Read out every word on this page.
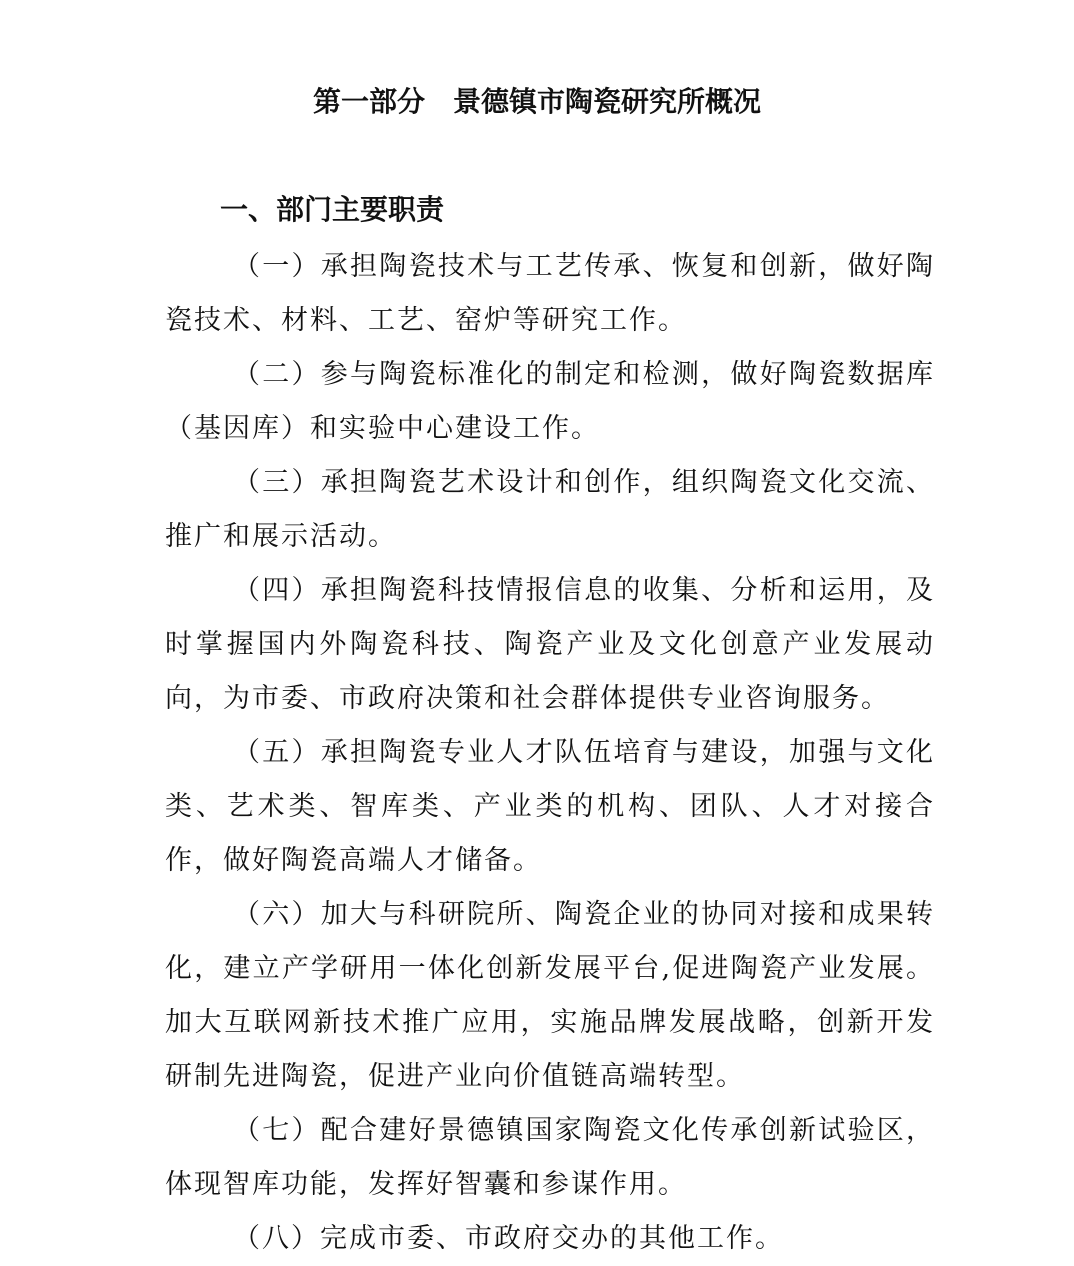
第一部分　景德镇市陶瓷研究所概况
一、部门主要职责

（一）承担陶瓷技术与工艺传承、恢复和创新，做好陶瓷技术、材料、工艺、窑炉等研究工作。

（二）参与陶瓷标准化的制定和检测，做好陶瓷数据库（基因库）和实验中心建设工作。

（三）承担陶瓷艺术设计和创作，组织陶瓷文化交流、推广和展示活动。

（四）承担陶瓷科技情报信息的收集、分析和运用，及时掌握国内外陶瓷科技、陶瓷产业及文化创意产业发展动向，为市委、市政府决策和社会群体提供专业咨询服务。

（五）承担陶瓷专业人才队伍培育与建设，加强与文化类、艺术类、智库类、产业类的机构、团队、人才对接合作，做好陶瓷高端人才储备。

（六）加大与科研院所、陶瓷企业的协同对接和成果转化，建立产学研用一体化创新发展平台,促进陶瓷产业发展。加大互联网新技术推广应用，实施品牌发展战略，创新开发研制先进陶瓷，促进产业向价值链高端转型。

（七）配合建好景德镇国家陶瓷文化传承创新试验区，体现智库功能，发挥好智囊和参谋作用。

（八）完成市委、市政府交办的其他工作。
